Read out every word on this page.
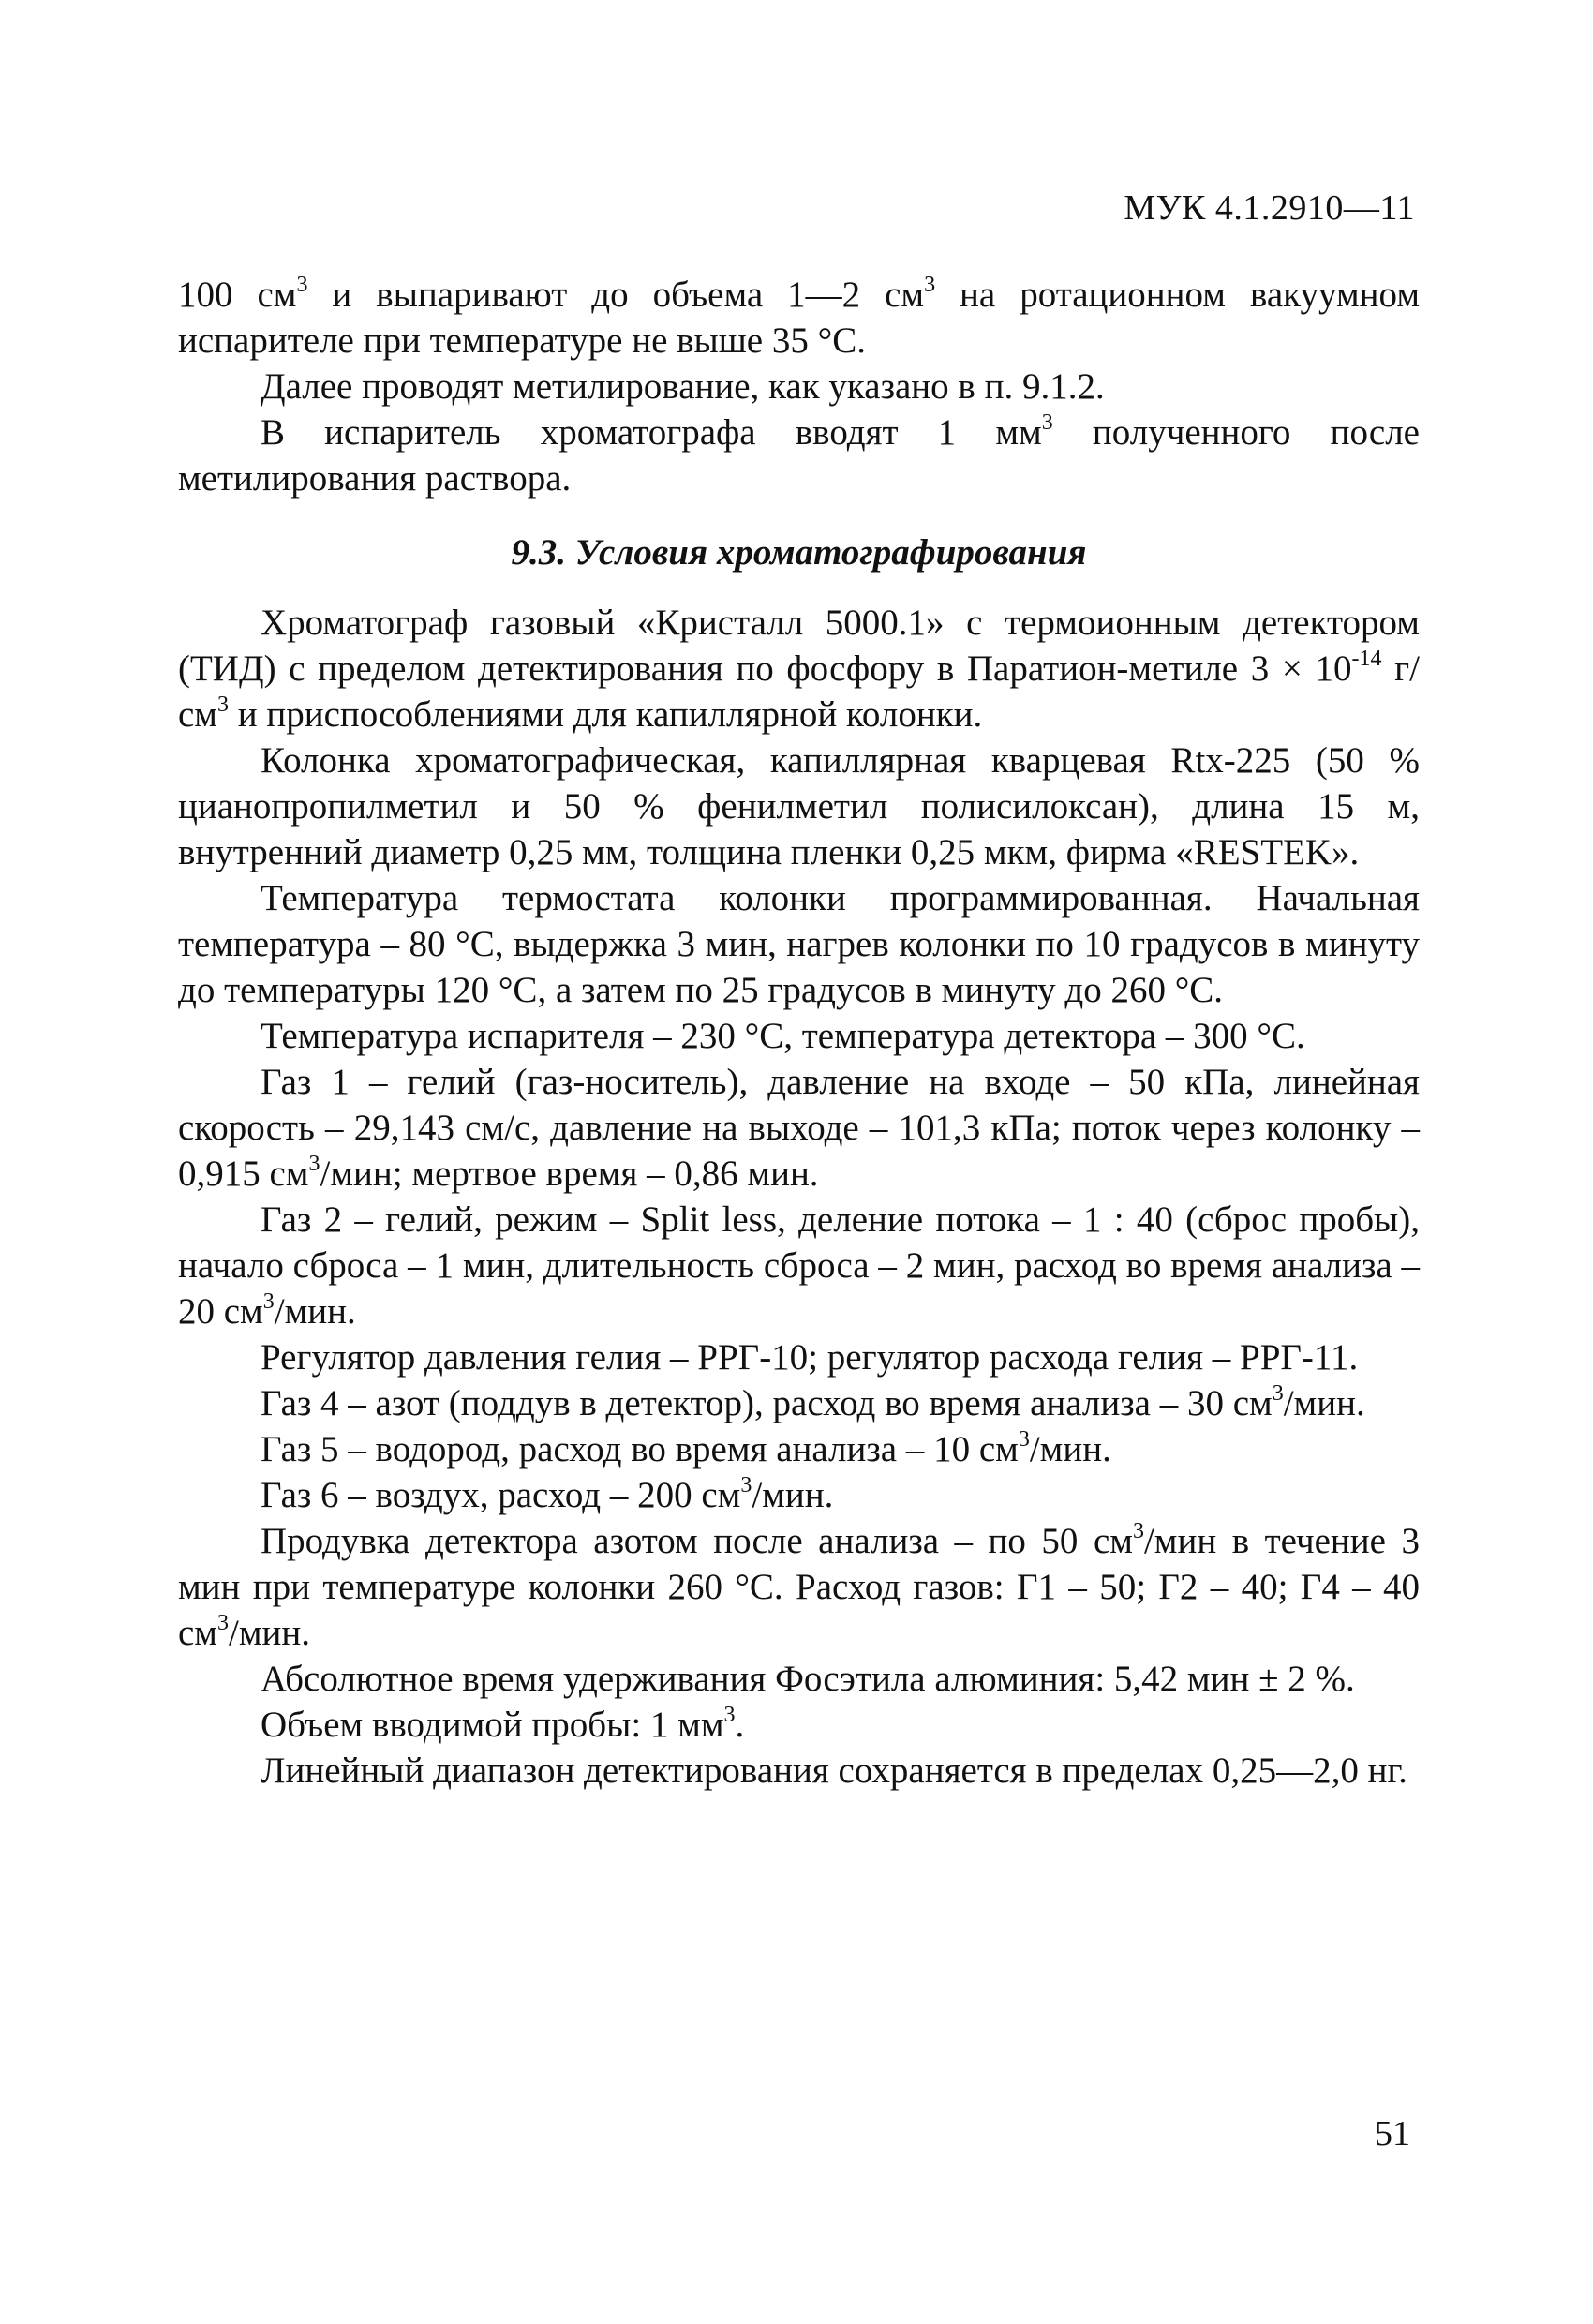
МУК 4.1.2910—11

100 $см^3$ и выпаривают до объема 1—2 $см^3$ на ротационном вакуумном испарителе при температуре не выше 35 °С.

Далее проводят метилирование, как указано в п. 9.1.2.

В испаритель хроматографа вводят 1 $мм^3$ полученного после метилирования раствора.

9.3. Условия хроматографирования

Хроматограф газовый «Кристалл 5000.1» с термоионным детектором (ТИД) с пределом детектирования по фосфору в Паратион-метиле $3 \times 10^{-14}$ $г/см^3$ и приспособлениями для капиллярной колонки.

Колонка хроматографическая, капиллярная кварцевая Rtx-225 (50 % цианопропилметил и 50 % фенилметил полисилоксан), длина 15 м, внутренний диаметр 0,25 мм, толщина пленки 0,25 мкм, фирма «RESTEK».

Температура термостата колонки программированная. Начальная температура – 80 °С, выдержка 3 мин, нагрев колонки по 10 градусов в минуту до температуры 120 °С, а затем по 25 градусов в минуту до 260 °С.

Температура испарителя – 230 °С, температура детектора – 300 °С.

Газ 1 – гелий (газ-носитель), давление на входе – 50 кПа, линейная скорость – 29,143 см/с, давление на выходе – 101,3 кПа; поток через колонку – 0,915 $см^3$/мин; мертвое время – 0,86 мин.

Газ 2 – гелий, режим – Split less, деление потока – 1 : 40 (сброс пробы), начало сброса – 1 мин, длительность сброса – 2 мин, расход во время анализа – 20 $см^3$/мин.

Регулятор давления гелия – РРГ-10; регулятор расхода гелия – РРГ-11.

Газ 4 – азот (поддув в детектор), расход во время анализа – 30 $см^3$/мин.

Газ 5 – водород, расход во время анализа – 10 $см^3$/мин.

Газ 6 – воздух, расход – 200 $см^3$/мин.

Продувка детектора азотом после анализа – по 50 $см^3$/мин в течение 3 мин при температуре колонки 260 °С. Расход газов: Г1 – 50; Г2 – 40; Г4 – 40 $см^3$/мин.

Абсолютное время удерживания Фосэтила алюминия: 5,42 мин ± 2 %.

Объем вводимой пробы: 1 $мм^3$.

Линейный диапазон детектирования сохраняется в пределах 0,25—2,0 нг.

51
